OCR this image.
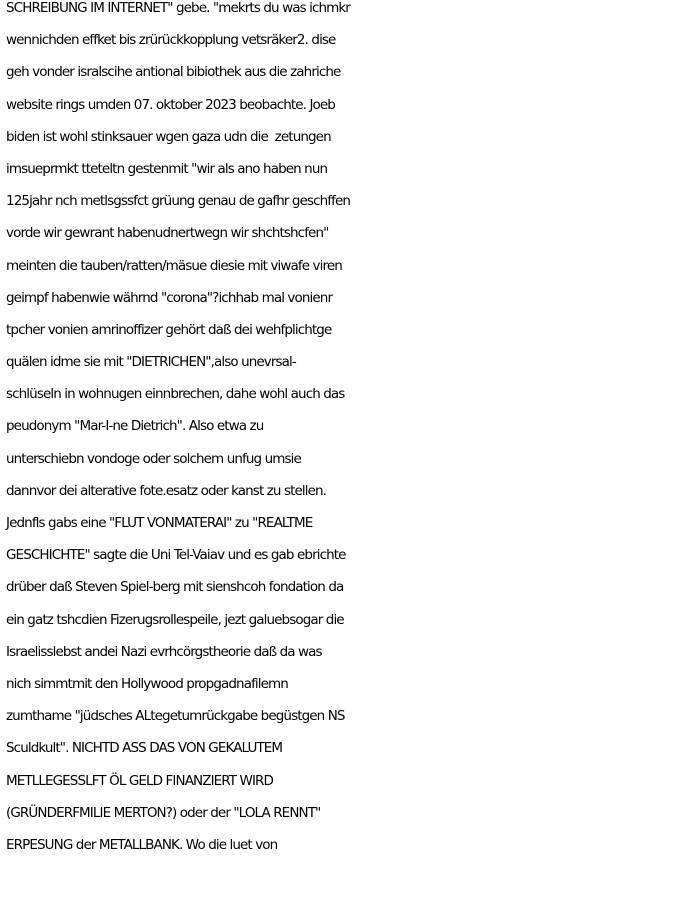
SCHREIBUNG IM INTERNET" gebe. "mekrts du was ichmkr
wennichden effket bis zrürückkopplung vetsräker2. dise
geh vonder isralscihe antional bibiothek aus die zahriche
website rings umden 07. oktober 2023 beobachte. Joeb
biden ist wohl stinksauer wgen gaza udn die  zetungen
imsueprmkt tteteltn gestenmit "wir als ano haben nun
125jahr nch metlsgssfct grüung genau de gafhr geschffen
vorde wir gewrant habenudnertwegn wir shchtshcfen"
meinten die tauben/ratten/mäsue diesie mit viwafe viren
geimpf habenwie währnd "corona"?ichhab mal vonienr
tpcher vonien amrinoffizer gehört daß dei wehfplichtge
quälen idme sie mit "DIETRICHEN",also unevrsal-
schlüseln in wohnugen einnbrechen, dahe wohl auch das
peudonym "Mar-I-ne Dietrich". Also etwa zu
unterschiebn vondoge oder solchem unfug umsie
dannvor dei alterative fote.esatz oder kanst zu stellen.
Jednfls gabs eine "FLUT VONMATERAI" zu "REALTME
GESCHICHTE" sagte die Uni Tel-Vaiav und es gab ebrichte
drüber daß Steven Spiel-berg mit sienshcoh fondation da
ein gatz tshcdien Fizerugsrollespeile, jezt galuebsogar die
Israelisslebst andei Nazi evrhcörgstheorie daß da was
nich simmtmit den Hollywood propgadnafilemn
zumthame "jüdsches ALtegetumrückgabe begüstgen NS
Sculdkult". NICHTD ASS DAS VON GEKALUTEM
METLLEGESSLFT ÖL GELD FINANZIERT WIRD
(GRÜNDERFMILIE MERTON?) oder der "LOLA RENNT"
ERPESUNG der METALLBANK. Wo die luet von
